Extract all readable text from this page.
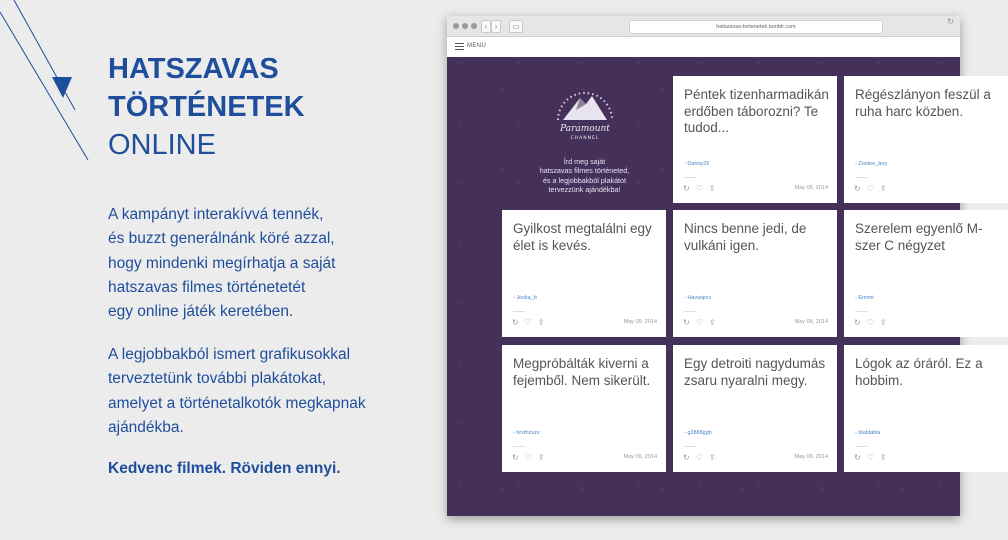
HATSZAVAS

TÖRTÉNETEK

ONLINE

A kampányt interakívvá tennék,
és buzzt generálnánk köré azzal,
hogy mindenki megírhatja a saját
hatszavas filmes történetetét
egy online játék keretében.

A legjobbakból ismert grafikusokkal
terveztetünk további plakátokat,
amelyet a történetalkotók megkapnak
ajándékba.

Kedvenc filmek. Röviden ennyi.
‹ ›	▭	hatszavas-tortenetek.tumblr.com
↻
MENU
Paramount
CHANNEL
Írd meg saját
hatszavas filmes történeted,
és a legjobbakból plakátot
tervezzünk ajándékba!
Péntek tizenharmadikán erdőben táborozni? Te tudod...
- Danny26
↻ ♡ ⇪	May 09, 2014
Régészlányon feszül a ruha harc közben.
- Zoolee_boy
↻ ♡ ⇪
Gyilkost megtalálni egy élet is kevés.
- Joska_b
↻ ♡ ⇪	May 09, 2014
Nincs benne jedi, de vulkáni igen.
- Havasjoci
↻ ♡ ⇪	May 09, 2014
Szerelem egyenlő M-szer C négyzet
- Emimi
↻ ♡ ⇪
Megpróbálták kiverni a fejemből. Nem sikerült.
- hrvthzszs
↻ ♡ ⇪	May 09, 2014
Egy detroiti nagydumás zsaru nyaralni megy.
- g3888ggh
↻ ♡ ⇪	May 09, 2014
Lógok az óráról. Ez a hobbim.
- blablabla
↻ ♡ ⇪
